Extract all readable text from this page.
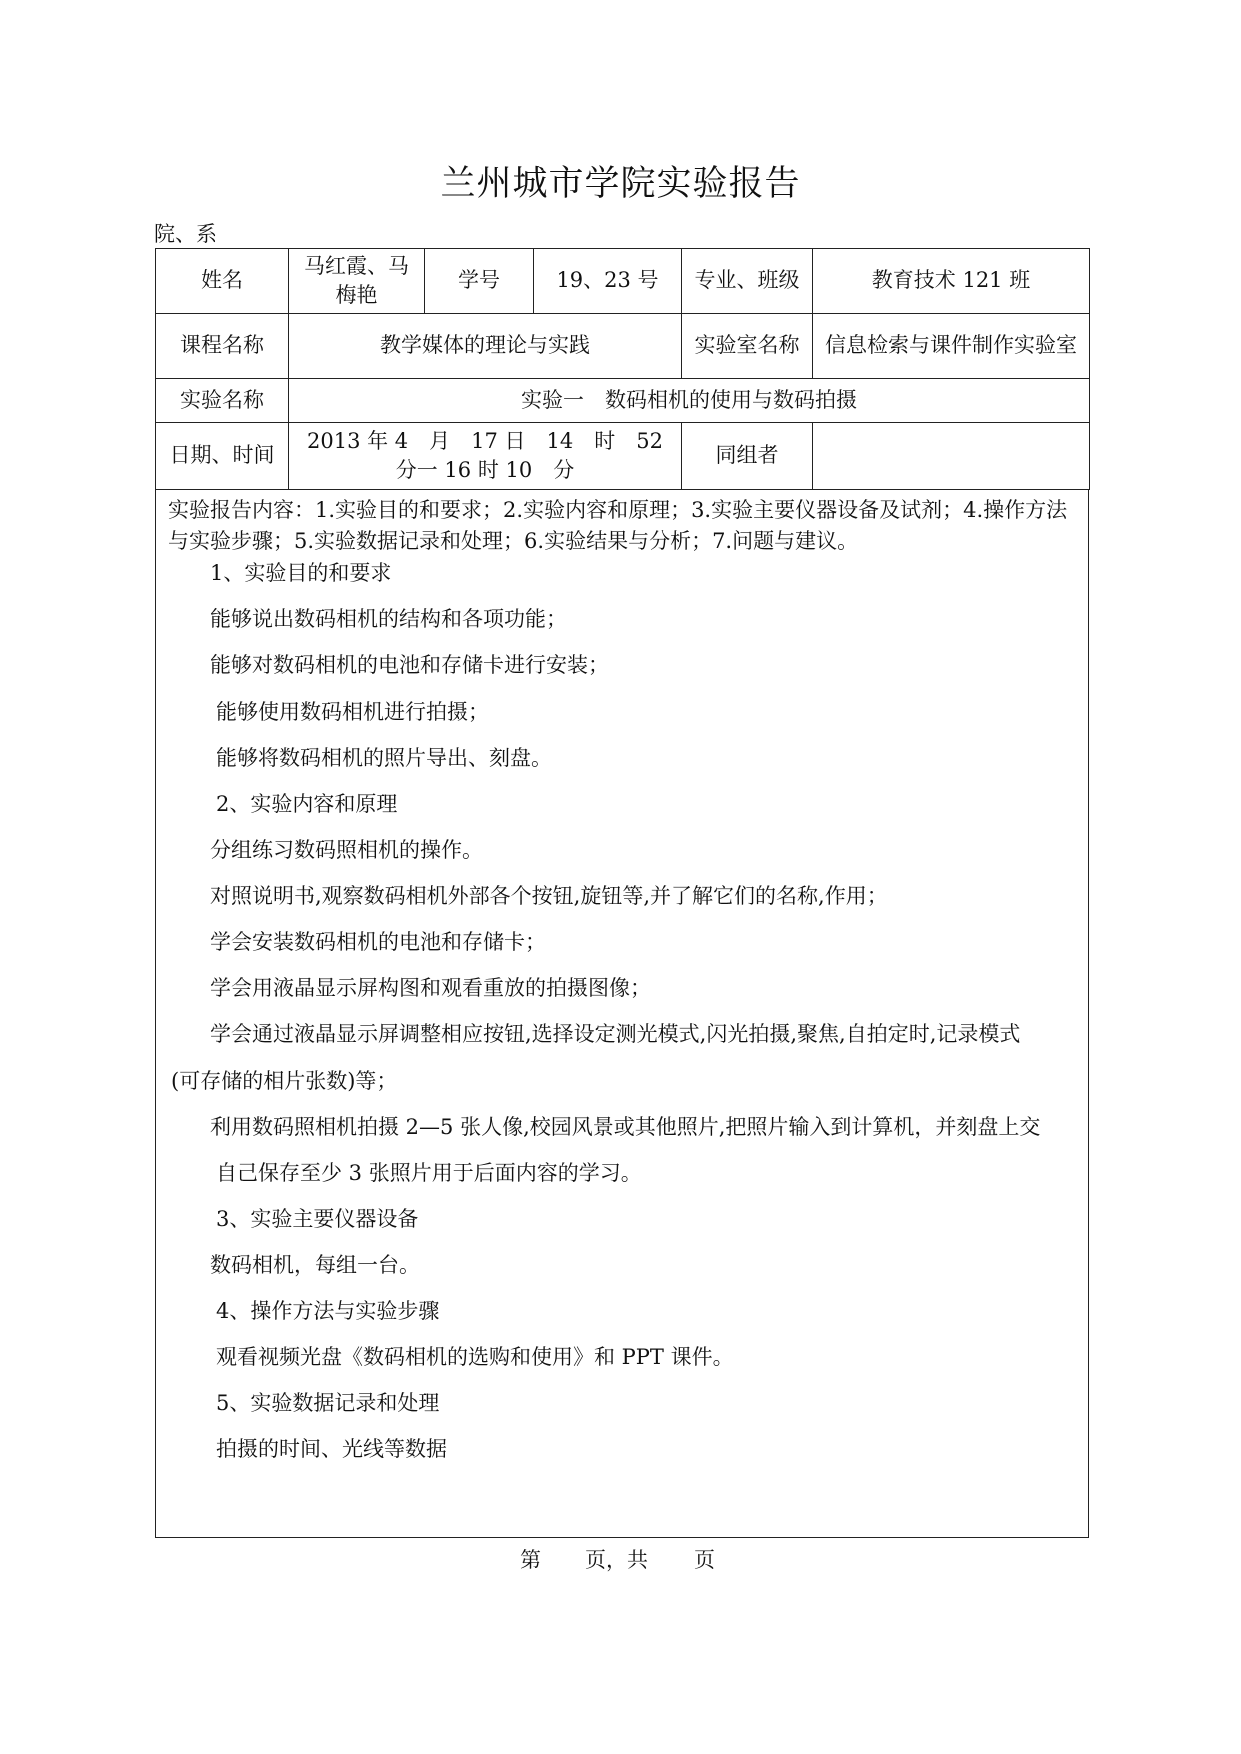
兰州城市学院实验报告
院、系
姓名	马红霞、马梅艳	学号	19、23 号	专业、班级	教育技术 121 班
课程名称	教学媒体的理论与实践			实验室名称	信息检索与课件制作实验室
实验名称	实验一　数码相机的使用与数码拍摄				
日期、时间	2013 年 4　月　17 日　14　时　52 分一 16 时 10　分			同组者	
实验报告内容：1.实验目的和要求；2.实验内容和原理；3.实验主要仪器设备及试剂；4.操作方法与实验步骤；5.实验数据记录和处理；6.实验结果与分析；7.问题与建议。
1、实验目的和要求
能够说出数码相机的结构和各项功能；
能够对数码相机的电池和存储卡进行安装；
能够使用数码相机进行拍摄；
能够将数码相机的照片导出、刻盘。
2、实验内容和原理
分组练习数码照相机的操作。
对照说明书,观察数码相机外部各个按钮,旋钮等,并了解它们的名称,作用；
学会安装数码相机的电池和存储卡；
学会用液晶显示屏构图和观看重放的拍摄图像；
学会通过液晶显示屏调整相应按钮,选择设定测光模式,闪光拍摄,聚焦,自拍定时,记录模式
(可存储的相片张数)等；
利用数码照相机拍摄 2—5 张人像,校园风景或其他照片,把照片输入到计算机，并刻盘上交
自己保存至少 3 张照片用于后面内容的学习。
3、实验主要仪器设备
数码相机，每组一台。
4、操作方法与实验步骤
观看视频光盘《数码相机的选购和使用》和 PPT 课件。
5、实验数据记录和处理
拍摄的时间、光线等数据
第 页，共 页
